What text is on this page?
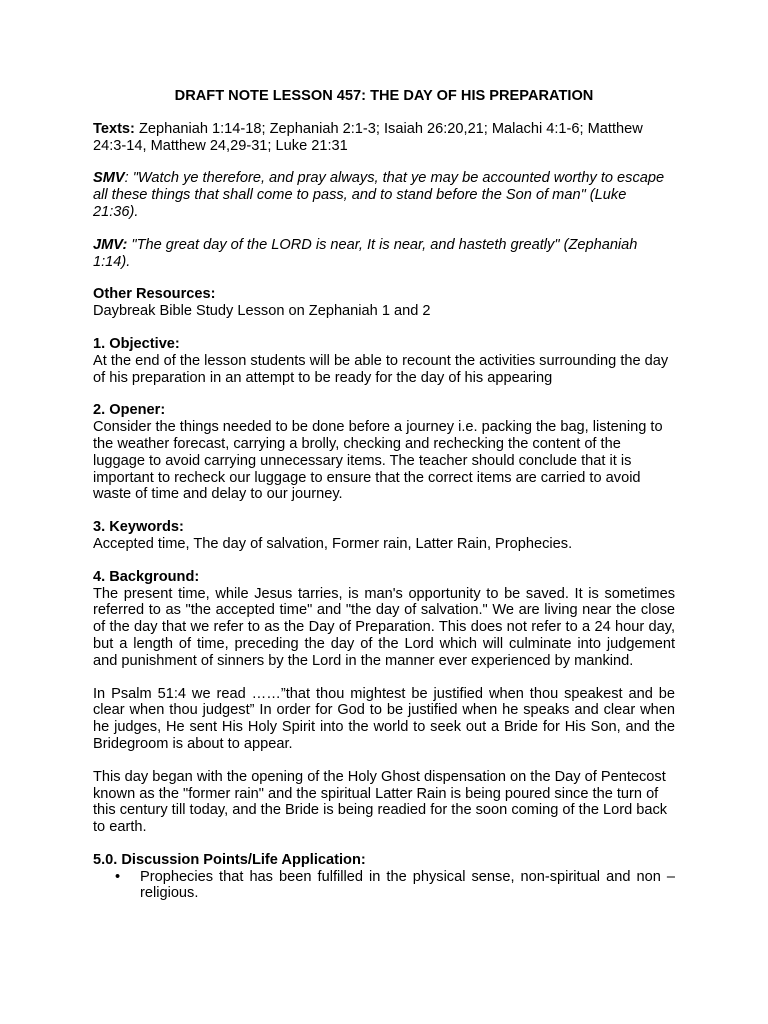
DRAFT NOTE LESSON 457: THE DAY OF HIS PREPARATION
Texts: Zephaniah 1:14-18; Zephaniah 2:1-3; Isaiah 26:20,21; Malachi 4:1-6; Matthew 24:3-14, Matthew 24,29-31; Luke 21:31
SMV: "Watch ye therefore, and pray always, that ye may be accounted worthy to escape all these things that shall come to pass, and to stand before the Son of man" (Luke 21:36).
JMV: "The great day of the LORD is near, It is near, and hasteth greatly" (Zephaniah 1:14).
Other Resources:
Daybreak Bible Study Lesson on Zephaniah 1 and 2
1. Objective:
At the end of the lesson students will be able to recount the activities surrounding the day of his preparation in an attempt to be ready for the day of his appearing
2. Opener:
Consider the things needed to be done before a journey i.e. packing the bag, listening to the weather forecast, carrying a brolly, checking and rechecking the content of the luggage to avoid carrying unnecessary items. The teacher should conclude that it is important to recheck our luggage to ensure that the correct items are carried to avoid waste of time and delay to our journey.
3. Keywords:
Accepted time, The day of salvation, Former rain, Latter Rain, Prophecies.
4. Background:
The present time, while Jesus tarries, is man's opportunity to be saved. It is sometimes referred to as "the accepted time" and "the day of salvation." We are living near the close of the day that we refer to as the Day of Preparation. This does not refer to a 24 hour day, but a length of time, preceding the day of the Lord which will culminate into judgement and punishment of sinners by the Lord in the manner ever experienced by mankind.
In Psalm 51:4 we read ……”that thou mightest be justified when thou speakest and be clear when thou judgest” In order for God to be justified when he speaks and clear when he judges, He sent His Holy Spirit into the world to seek out a Bride for His Son, and the Bridegroom is about to appear.
This day began with the opening of the Holy Ghost dispensation on the Day of Pentecost known as the "former rain" and the spiritual Latter Rain is being poured since the turn of this century till today, and the Bride is being readied for the soon coming of the Lord back to earth.
5.0. Discussion Points/Life Application:
• Prophecies that has been fulfilled in the physical sense, non-spiritual and non – religious.
